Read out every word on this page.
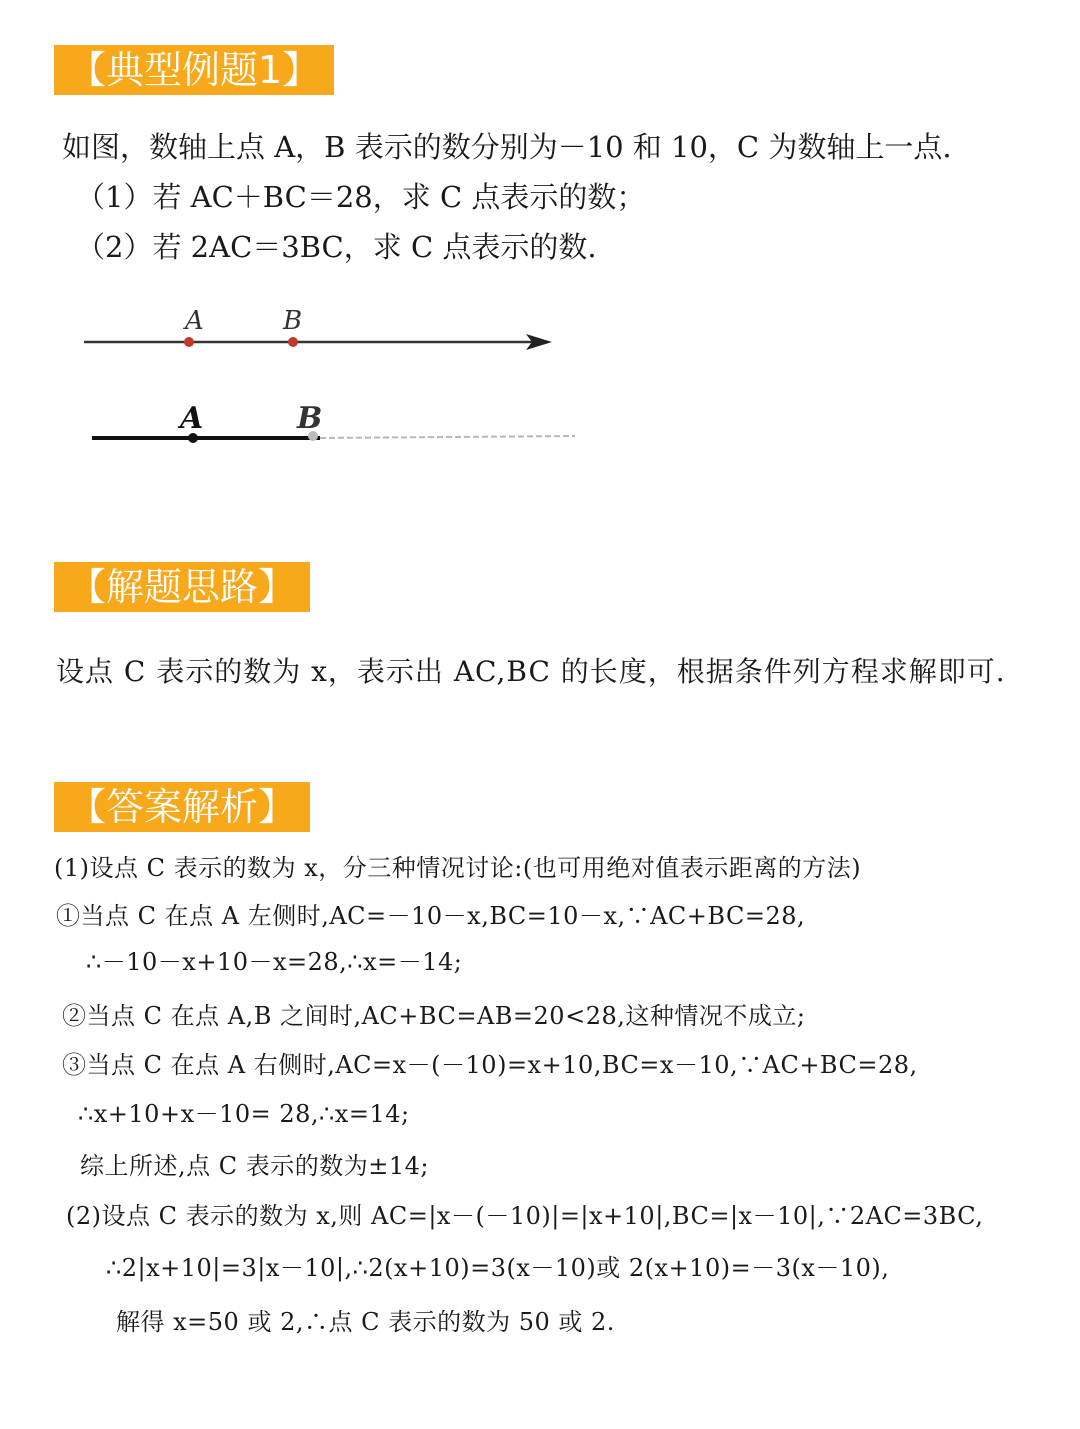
【典型例题1】
如图，数轴上点 A，B 表示的数分别为－10 和 10，C 为数轴上一点.
（1）若 AC＋BC＝28，求 C 点表示的数；
（2）若 2AC＝3BC，求 C 点表示的数.
A	B
A	B
【解题思路】
设点 C 表示的数为 x，表示出 AC,BC 的长度，根据条件列方程求解即可.
【答案解析】
(1)设点 C 表示的数为 x，分三种情况讨论:(也可用绝对值表示距离的方法)
①当点 C 在点 A 左侧时,AC=－10－x,BC=10－x,∵AC+BC=28,
∴－10－x+10－x=28,∴x=－14;
②当点 C 在点 A,B 之间时,AC+BC=AB=20<28,这种情况不成立;
③当点 C 在点 A 右侧时,AC=x－(－10)=x+10,BC=x－10,∵AC+BC=28,
∴x+10+x－10= 28,∴x=14;
综上所述,点 C 表示的数为±14;
(2)设点 C 表示的数为 x,则 AC=|x－(－10)|=|x+10|,BC=|x－10|,∵2AC=3BC,
∴2|x+10|=3|x－10|,∴2(x+10)=3(x－10)或 2(x+10)=－3(x－10),
解得 x=50 或 2,∴点 C 表示的数为 50 或 2.
